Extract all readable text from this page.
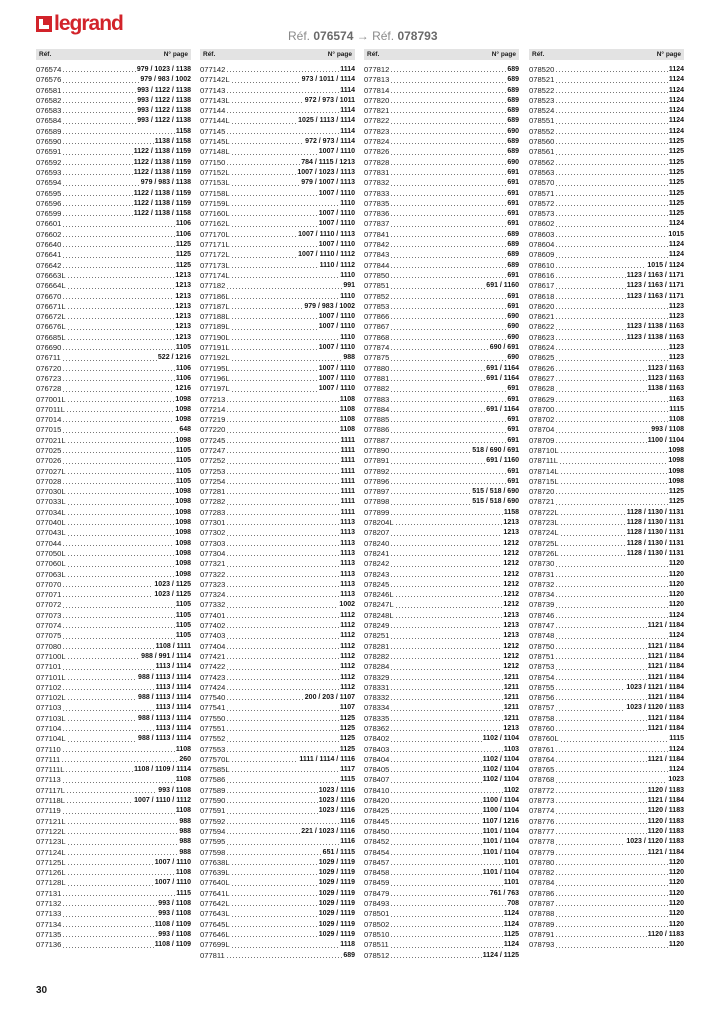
legrand
Réf. 076574 → Réf. 078793
Réf.	N° page
076574	979 / 1023 / 1138
076576	979 / 983 / 1002
076581	993 / 1122 / 1138
076582	993 / 1122 / 1138
076583	993 / 1122 / 1138
076584	993 / 1122 / 1138
076589	1158
076590	1138 / 1158
076591	1122 / 1138 / 1159
076592	1122 / 1138 / 1159
076593	1122 / 1138 / 1159
076594	979 / 983 / 1138
076595	1122 / 1138 / 1159
076596	1122 / 1138 / 1159
076599	1122 / 1138 / 1158
076601	1106
076602	1106
076640	1125
076641	1125
076642	1125
076663L	1213
076664L	1213
076670	1213
076671L	1213
076672L	1213
076676L	1213
076685L	1213
076690	1105
076711	522 / 1216
076720	1106
076723	1106
076728	1216
077001L	1098
077011L	1098
077014	1098
077015	648
077021L	1098
077025	1105
077026	1105
077027L	1105
077028	1105
077030L	1098
077033L	1098
077034L	1098
077040L	1098
077043L	1098
077044	1098
077050L	1098
077060L	1098
077063L	1098
077070	1023 / 1125
077071	1023 / 1125
077072	1105
077073	1105
077074	1105
077075	1105
077080	1108 / 1111
077100L	988 / 991 / 1114
077101	1113 / 1114
077101L	988 / 1113 / 1114
077102	1113 / 1114
077102L	988 / 1113 / 1114
077103	1113 / 1114
077103L	988 / 1113 / 1114
077104	1113 / 1114
077104L	988 / 1113 / 1114
077110	1108
077111	260
077111L	1108 / 1109 / 1114
077113	1108
077117L	993 / 1108
077118L	1007 / 1110 / 1112
077119	1108
077121L	988
077122L	988
077123L	988
077124L	988
077125L	1007 / 1110
077126L	1108
077128L	1007 / 1110
077131	1115
077132	993 / 1108
077133	993 / 1108
077134	1108 / 1109
077135	993 / 1108
077136	1108 / 1109
Réf.	N° page
077142	1114
077142L	973 / 1011 / 1114
077143	1114
077143L	972 / 973 / 1011
077144	1114
077144L	1025 / 1113 / 1114
077145	1114
077145L	972 / 973 / 1114
077148L	1007 / 1110
077150	784 / 1115 / 1213
077152L	1007 / 1023 / 1113
077153L	979 / 1007 / 1113
077158L	1007 / 1110
077159L	1110
077160L	1007 / 1110
077162L	1007 / 1110
077170L	1007 / 1110 / 1113
077171L	1007 / 1110
077172L	1007 / 1110 / 1112
077173L	1110 / 1112
077174L	1110
077182	991
077186L	1110
077187L	979 / 983 / 1002
077188L	1007 / 1110
077189L	1007 / 1110
077190L	1110
077191L	1007 / 1110
077192L	988
077195L	1007 / 1110
077196L	1007 / 1110
077197L	1007 / 1110
077213	1108
077214	1108
077219	1108
077220	1108
077245	1111
077247	1111
077252	1111
077253	1111
077254	1111
077281	1111
077282	1111
077283	1111
077301	1113
077302	1113
077303	1113
077304	1113
077321	1113
077322	1113
077323	1113
077324	1113
077332	1002
077401	1112
077402	1112
077403	1112
077404	1112
077421	1112
077422	1112
077423	1112
077424	1112
077540	200 / 203 / 1107
077541	1107
077550	1125
077551	1125
077552	1125
077553	1125
077570L	1111 / 1114 / 1116
077585L	1117
077586	1115
077589	1023 / 1116
077590	1023 / 1116
077591	1023 / 1116
077592	1116
077594	221 / 1023 / 1116
077595	1116
077598	651 / 1115
077638L	1029 / 1119
077639L	1029 / 1119
077640L	1029 / 1119
077641L	1029 / 1119
077642L	1029 / 1119
077643L	1029 / 1119
077645L	1029 / 1119
077646L	1029 / 1119
077699L	1118
077811	689
Réf.	N° page
077812	689
077813	689
077814	689
077820	689
077821	689
077822	689
077823	690
077824	689
077826	689
077828	690
077831	691
077832	691
077833	691
077835	691
077836	691
077837	691
077841	689
077842	689
077843	689
077844	689
077850	691
077851	691 / 1160
077852	691
077853	691
077866	690
077867	690
077868	690
077874	690 / 691
077875	690
077880	691 / 1164
077881	691 / 1164
077882	691
077883	691
077884	691 / 1164
077885	691
077886	691
077887	691
077890	518 / 690 / 691
077891	691 / 1160
077892	691
077896	691
077897	515 / 518 / 690
077898	515 / 518 / 690
077899	1158
078204L	1213
078207	1213
078240	1212
078241	1212
078242	1212
078243	1212
078245	1212
078246L	1212
078247L	1212
078248L	1213
078249	1213
078251	1213
078281	1212
078282	1212
078284	1212
078329	1211
078331	1211
078332	1211
078334	1211
078335	1211
078362	1213
078402	1102 / 1104
078403	1103
078404	1102 / 1104
078405	1102 / 1104
078407	1102 / 1104
078410	1102
078420	1100 / 1104
078425	1100 / 1104
078445	1107 / 1216
078450	1101 / 1104
078452	1101 / 1104
078454	1101 / 1104
078457	1101
078458	1101 / 1104
078459	1101
078479	761 / 763
078493	708
078501	1124
078502	1124
078510	1125
078511	1124
078512	1124 / 1125
Réf.	N° page
078520	1124
078521	1124
078522	1124
078523	1124
078524	1124
078551	1124
078552	1124
078560	1125
078561	1125
078562	1125
078563	1125
078570	1125
078571	1125
078572	1125
078573	1125
078602	1124
078603	1015
078604	1124
078609	1124
078610	1015 / 1124
078616	1123 / 1163 / 1171
078617	1123 / 1163 / 1171
078618	1123 / 1163 / 1171
078620	1123
078621	1123
078622	1123 / 1138 / 1163
078623	1123 / 1138 / 1163
078624	1123
078625	1123
078626	1123 / 1163
078627	1123 / 1163
078628	1138 / 1163
078629	1163
078700	1115
078702	1108
078704	993 / 1108
078709	1100 / 1104
078710L	1098
078711L	1098
078714L	1098
078715L	1098
078720	1125
078721	1125
078722L	1128 / 1130 / 1131
078723L	1128 / 1130 / 1131
078724L	1128 / 1130 / 1131
078725L	1128 / 1130 / 1131
078726L	1128 / 1130 / 1131
078730	1120
078731	1120
078732	1120
078734	1120
078739	1120
078746	1124
078747	1121 / 1184
078748	1124
078750	1121 / 1184
078751	1121 / 1184
078753	1121 / 1184
078754	1121 / 1184
078755	1023 / 1121 / 1184
078756	1121 / 1184
078757	1023 / 1120 / 1183
078758	1121 / 1184
078760	1121 / 1184
078760L	1115
078761	1124
078764	1121 / 1184
078765	1124
078768	1023
078772	1120 / 1183
078773	1121 / 1184
078774	1120 / 1183
078776	1120 / 1183
078777	1120 / 1183
078778	1023 / 1120 / 1183
078779	1121 / 1184
078780	1120
078782	1120
078784	1120
078786	1120
078787	1120
078788	1120
078789	1120
078791	1120 / 1183
078793	1120
30
